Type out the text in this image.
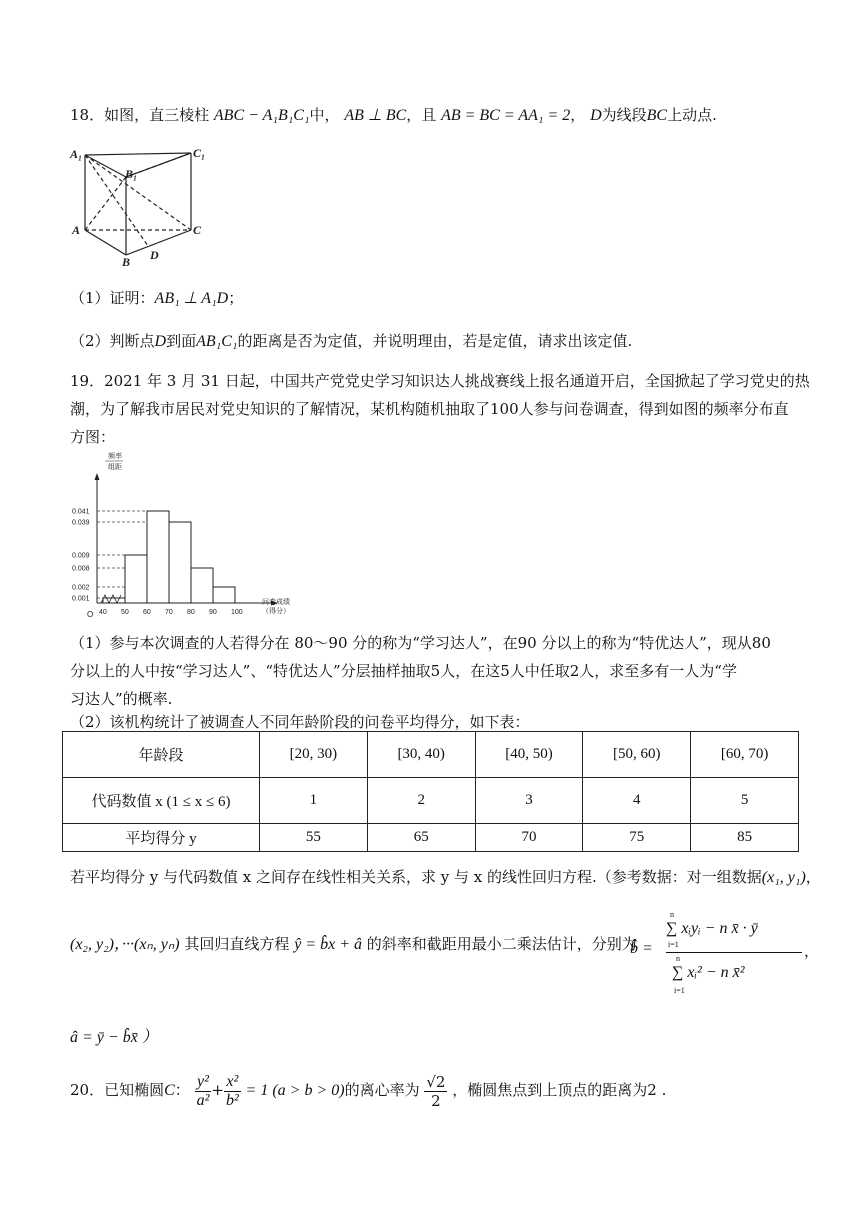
18．如图，直三棱柱 ABC − A₁B₁C₁中， AB ⊥ BC，且 AB = BC = AA₁ = 2， D为线段BC上动点.
A₁	C₁
B₁
A	C
B D
（1）证明：AB₁ ⊥ A₁D；
（2）判断点D到面AB₁C₁的距离是否为定值，并说明理由，若是定值，请求出该定值.
19．2021 年 3 月 31 日起，中国共产党党史学习知识达人挑战赛线上报名通道开启，全国掀起了学习党史的热
潮，为了解我市居民对党史知识的了解情况，某机构随机抽取了100人参与问卷调查，得到如图的频率分布直
方图：
0.041
0.039
0.009
0.008
0.002
0.001
40 50 60 70 80 90 100
频率
组距
问卷成绩
（得分）
O
（1）参与本次调查的人若得分在 80～90 分的称为“学习达人”，在90 分以上的称为“特优达人”，现从80
分以上的人中按“学习达人”、“特优达人”分层抽样抽取5人，在这5人中任取2人，求至多有一人为“学
习达人”的概率.
（2）该机构统计了被调查人不同年龄阶段的问卷平均得分，如下表：
年龄段	[20, 30)	[30, 40)	[40, 50)	[50, 60)	[60, 70)
代码数值 x (1 ≤ x ≤ 6)	1	2	3	4	5
平均得分 y	55	65	70	75	85
若平均得分 y 与代码数值 x 之间存在线性相关关系，求 y 与 x 的线性回归方程.（参考数据：对一组数据(x₁, y₁)，
(x₂, y₂)，···(xₙ, yₙ) 其回归直线方程 ŷ = b̂x + â 的斜率和截距用最小二乘法估计，分别为
b̂ =
n
∑ xᵢyᵢ − n x̄ · ȳ
i=1
n
∑ xᵢ² − n x̄²
i=1
，
â = ȳ − b̂x̄ ）
20．已知椭圆C： $\frac{\text{y²}}{\text{a²}} + \frac{\text{x²}}{\text{b²}} = 1$ (a > b > 0)的离心率为 $\frac{√2}{2}$ ，椭圆焦点到上顶点的距离为2 .
